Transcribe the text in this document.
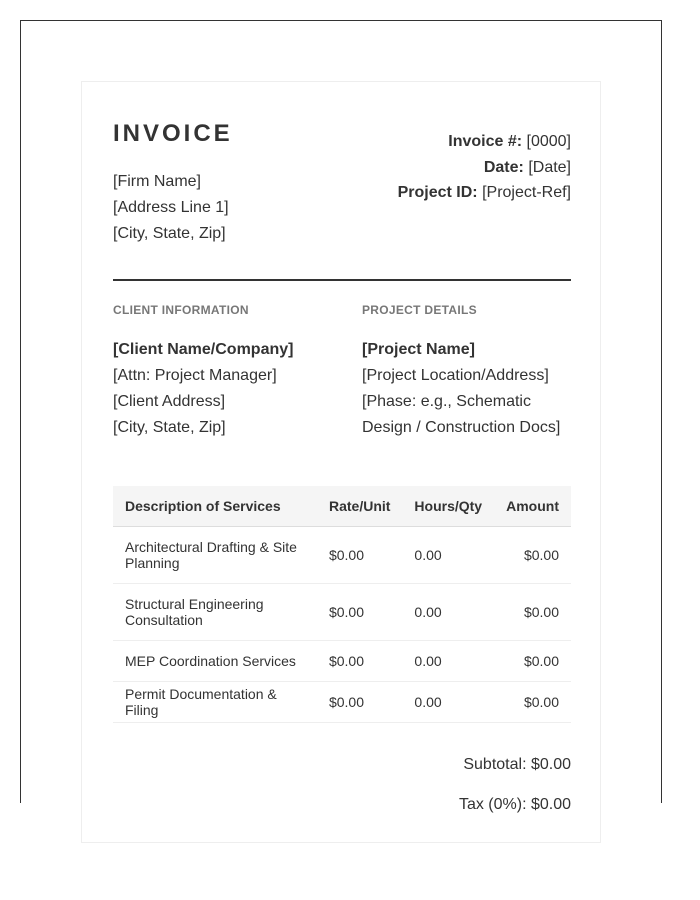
INVOICE
[Firm Name]
[Address Line 1]
[City, State, Zip]
Invoice #: [0000]
Date: [Date]
Project ID: [Project-Ref]
CLIENT INFORMATION	PROJECT DETAILS
[Client Name/Company]
[Attn: Project Manager]
[Client Address]
[City, State, Zip]
[Project Name]
[Project Location/Address]
[Phase: e.g., Schematic Design / Construction Docs]
Description of Services	Rate/Unit	Hours/Qty	Amount
Architectural Drafting & Site Planning	$0.00	0.00	$0.00
Structural Engineering Consultation	$0.00	0.00	$0.00
MEP Coordination Services	$0.00	0.00	$0.00
Permit Documentation & Filing	$0.00	0.00	$0.00
Subtotal: $0.00
Tax (0%): $0.00
